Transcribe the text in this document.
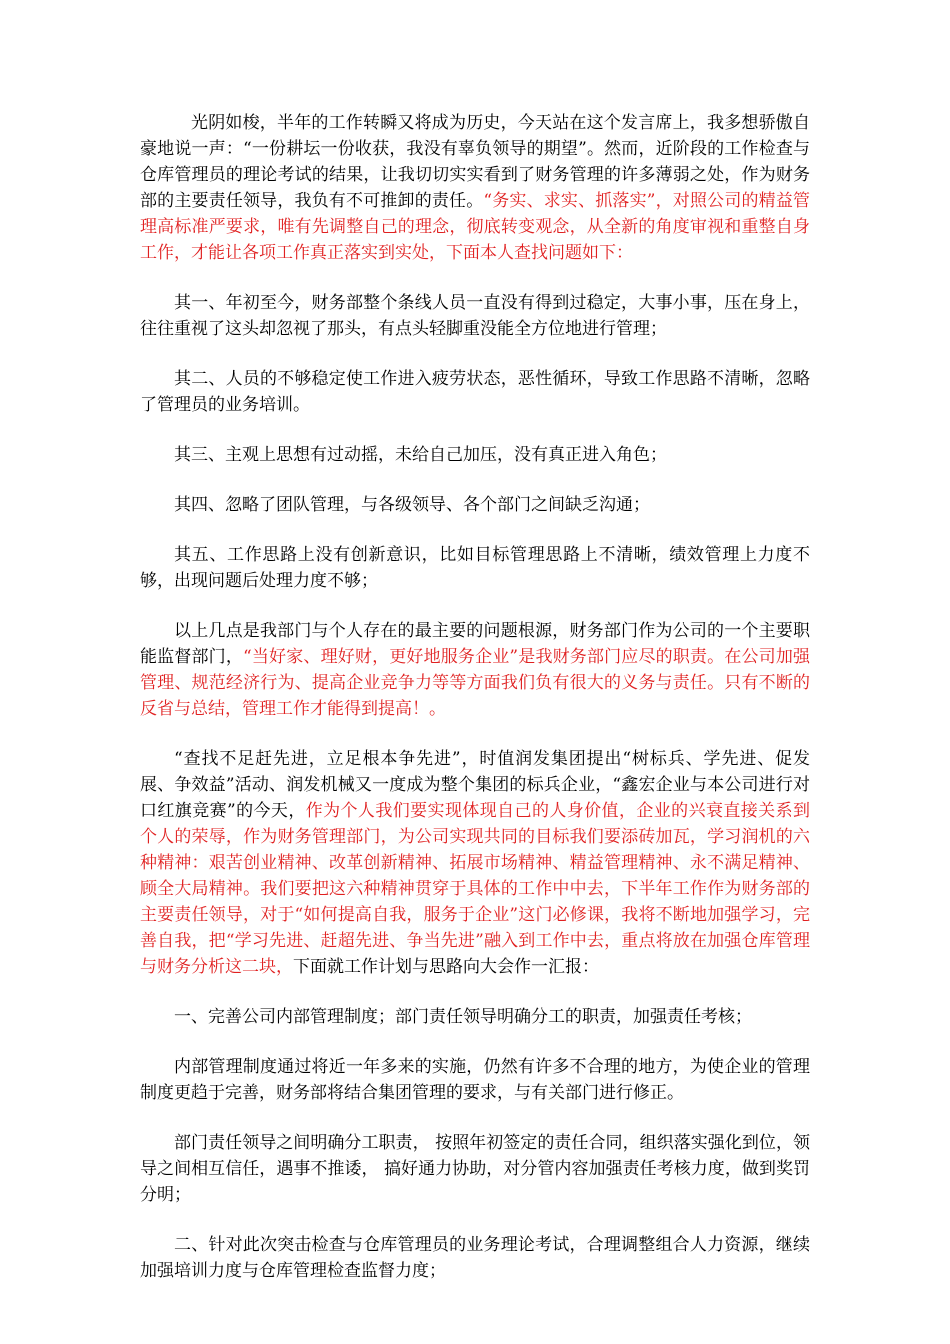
光阴如梭，半年的工作转瞬又将成为历史，今天站在这个发言席上，我多想骄傲自豪地说一声：“一份耕坛一份收获，我没有辜负领导的期望”。然而，近阶段的工作检查与仓库管理员的理论考试的结果，让我切切实实看到了财务管理的许多薄弱之处，作为财务部的主要责任领导，我负有不可推卸的责任。“务实、求实、抓落实”，对照公司的精益管理高标准严要求，唯有先调整自己的理念，彻底转变观念，从全新的角度审视和重整自身工作，才能让各项工作真正落实到实处，下面本人查找问题如下：

其一、年初至今，财务部整个条线人员一直没有得到过稳定，大事小事，压在身上，往往重视了这头却忽视了那头，有点头轻脚重没能全方位地进行管理；

其二、人员的不够稳定使工作进入疲劳状态，恶性循环，导致工作思路不清晰，忽略了管理员的业务培训。

其三、主观上思想有过动摇，未给自己加压，没有真正进入角色；

其四、忽略了团队管理，与各级领导、各个部门之间缺乏沟通；

其五、工作思路上没有创新意识，比如目标管理思路上不清晰，绩效管理上力度不够，出现问题后处理力度不够；

以上几点是我部门与个人存在的最主要的问题根源，财务部门作为公司的一个主要职能监督部门，“当好家、理好财，更好地服务企业”是我财务部门应尽的职责。在公司加强管理、规范经济行为、提高企业竞争力等等方面我们负有很大的义务与责任。只有不断的反省与总结，管理工作才能得到提高！。

“查找不足赶先进，立足根本争先进”，时值润发集团提出“树标兵、学先进、促发展、争效益”活动、润发机械又一度成为整个集团的标兵企业，“鑫宏企业与本公司进行对口红旗竞赛”的今天，作为个人我们要实现体现自己的人身价值，企业的兴衰直接关系到个人的荣辱，作为财务管理部门，为公司实现共同的目标我们要添砖加瓦，学习润机的六种精神：艰苦创业精神、改革创新精神、拓展市场精神、精益管理精神、永不满足精神、顾全大局精神。我们要把这六种精神贯穿于具体的工作中中去，下半年工作作为财务部的主要责任领导，对于“如何提高自我，服务于企业”这门必修课，我将不断地加强学习，完善自我，把“学习先进、赶超先进、争当先进”融入到工作中去，重点将放在加强仓库管理与财务分析这二块，下面就工作计划与思路向大会作一汇报：

一、完善公司内部管理制度；部门责任领导明确分工的职责，加强责任考核；

内部管理制度通过将近一年多来的实施，仍然有许多不合理的地方，为使企业的管理制度更趋于完善，财务部将结合集团管理的要求，与有关部门进行修正。

部门责任领导之间明确分工职责， 按照年初签定的责任合同，组织落实强化到位，领导之间相互信任，遇事不推诿， 搞好通力协助，对分管内容加强责任考核力度，做到奖罚分明；

二、针对此次突击检查与仓库管理员的业务理论考试，合理调整组合人力资源，继续加强培训力度与仓库管理检查监督力度；
